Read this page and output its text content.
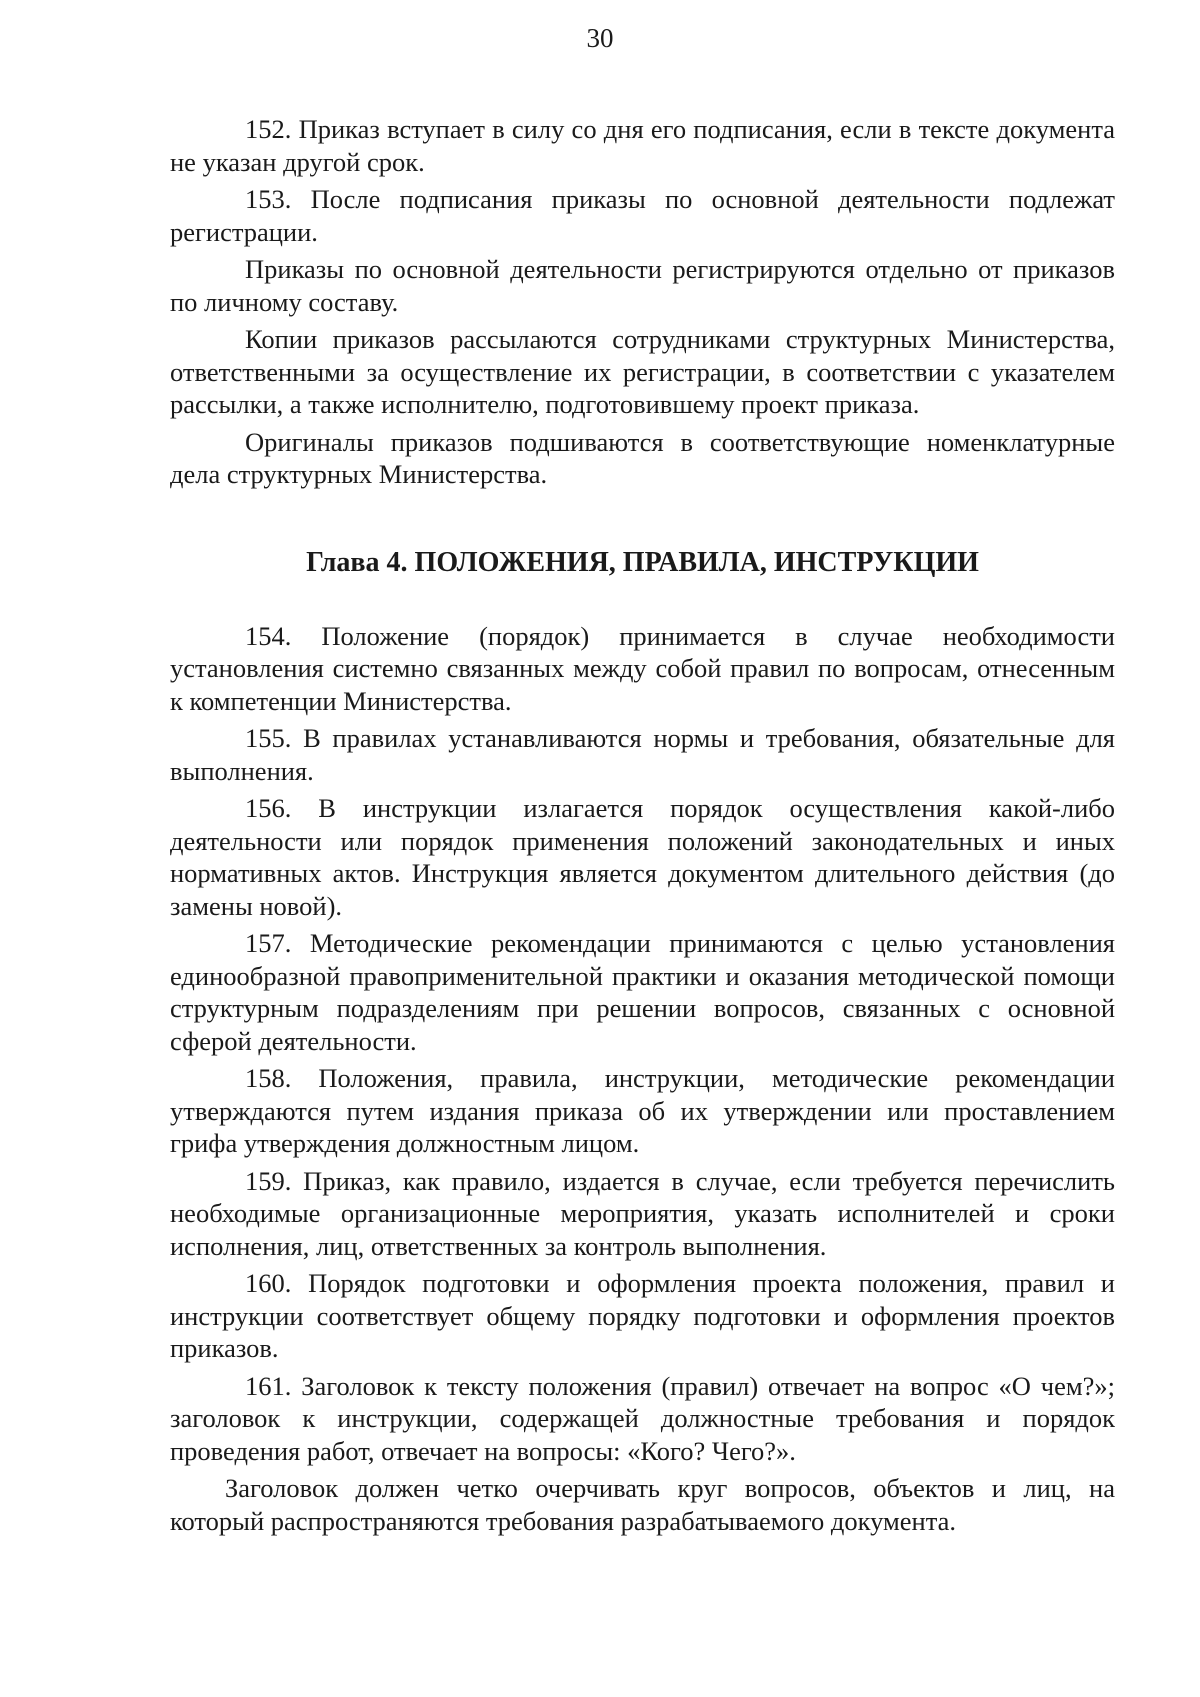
30

152. Приказ вступает в силу со дня его подписания, если в тексте документа не указан другой срок.

153. После подписания приказы по основной деятельности подлежат регистрации.

Приказы по основной деятельности регистрируются отдельно от приказов по личному составу.

Копии приказов рассылаются сотрудниками структурных Министерства, ответственными за осуществление их регистрации, в соответствии с указателем рассылки, а также исполнителю, подготовившему проект приказа.

Оригиналы приказов подшиваются в соответствующие номенклатурные дела структурных Министерства.

Глава 4. ПОЛОЖЕНИЯ, ПРАВИЛА, ИНСТРУКЦИИ

154. Положение (порядок) принимается в случае необходимости установления системно связанных между собой правил по вопросам, отнесенным к компетенции Министерства.

155. В правилах устанавливаются нормы и требования, обязательные для выполнения.

156. В инструкции излагается порядок осуществления какой-либо деятельности или порядок применения положений законодательных и иных нормативных актов. Инструкция является документом длительного действия (до замены новой).

157. Методические рекомендации принимаются с целью установления единообразной правоприменительной практики и оказания методической помощи структурным подразделениям при решении вопросов, связанных с основной сферой деятельности.

158. Положения, правила, инструкции, методические рекомендации утверждаются путем издания приказа об их утверждении или проставлением грифа утверждения должностным лицом.

159. Приказ, как правило, издается в случае, если требуется перечислить необходимые организационные мероприятия, указать исполнителей и сроки исполнения, лиц, ответственных за контроль выполнения.

160. Порядок подготовки и оформления проекта положения, правил и инструкции соответствует общему порядку подготовки и оформления проектов приказов.

161. Заголовок к тексту положения (правил) отвечает на вопрос «О чем?»; заголовок к инструкции, содержащей должностные требования и порядок проведения работ, отвечает на вопросы: «Кого? Чего?».

Заголовок должен четко очерчивать круг вопросов, объектов и лиц, на который распространяются требования разрабатываемого документа.
